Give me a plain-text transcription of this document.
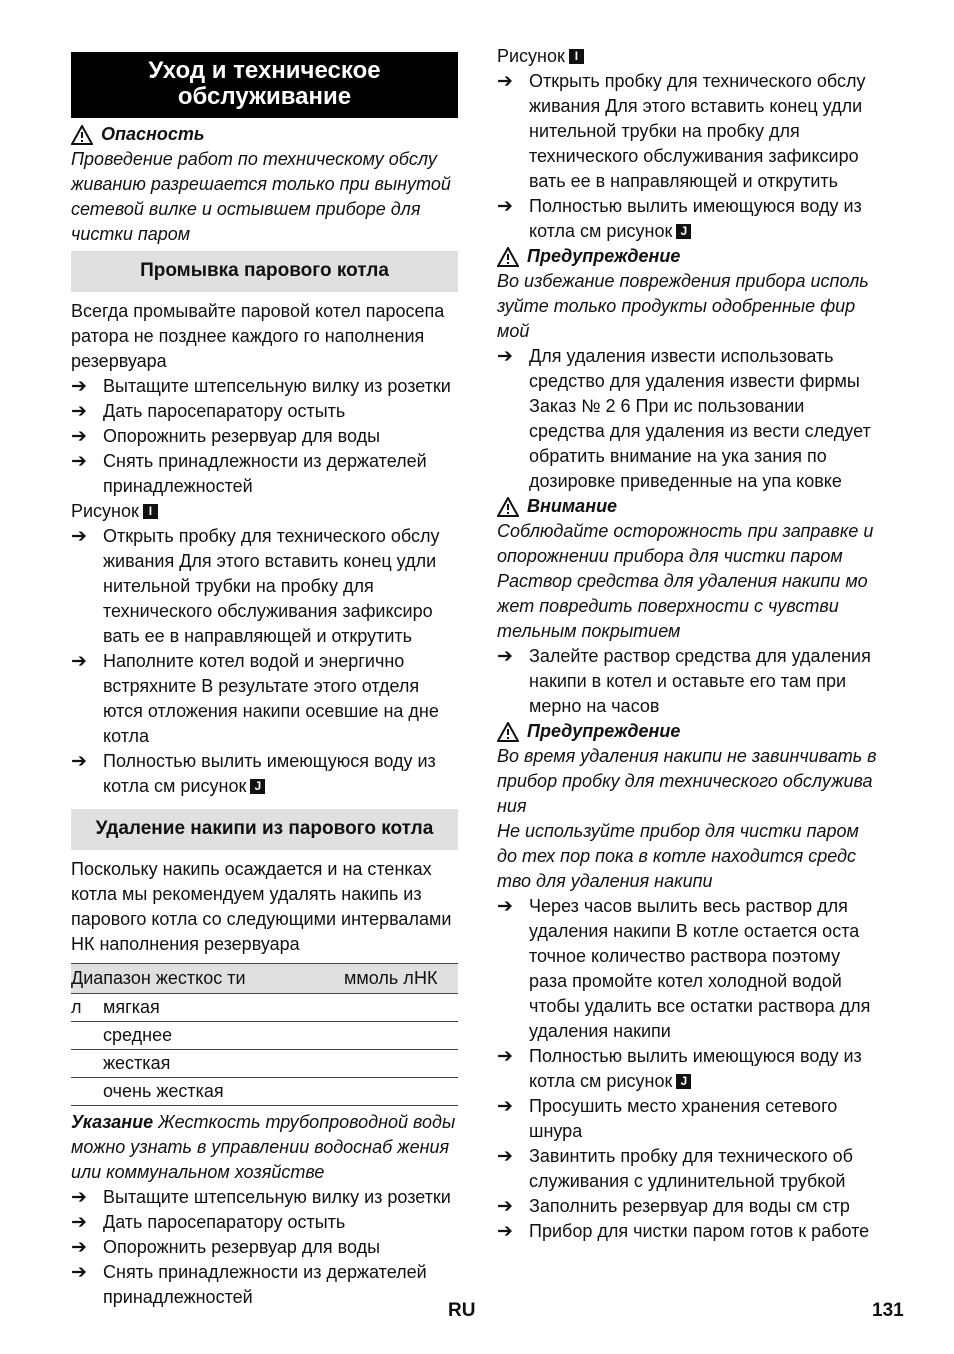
Уход и техническое обслуживание
Опасность

Проведение работ по техническому обслу живанию разрешается только при вынутой сетевой вилке и остывшем приборе для чистки паром

Промывка парового котла

Всегда промывайте паровой котел паросепа ратора не позднее каждого го наполнения резервуара

➔ Вытащите штепсельную вилку из розетки
➔ Дать паросепаратору остыть
➔ Опорожнить резервуар для воды
➔ Снять принадлежности из держателей принадлежностей

Рисунок I

➔ Открыть пробку для технического обслу живания Для этого вставить конец удли нительной трубки на пробку для технического обслуживания зафиксиро вать ее в направляющей и открутить
➔ Наполните котел водой и энергично встряхните В результате этого отделя ются отложения накипи осевшие на дне котла
➔ Полностью вылить имеющуюся воду из котла см рисунок J
Удаление накипи из парового котла

Поскольку накипь осаждается и на стенках котла мы рекомендуем удалять накипь из парового котла со следующими интервалами НК наполнения резервуара

Диапазон жесткос ти		ммоль л	НК
л	мягкая		
	среднее		
	жесткая		
	очень жесткая		

Указание Жесткость трубопроводной воды можно узнать в управлении водоснаб жения или коммунальном хозяйстве

➔ Вытащите штепсельную вилку из розетки
➔ Дать паросепаратору остыть
➔ Опорожнить резервуар для воды
➔ Снять принадлежности из держателей принадлежностей

Рисунок I

➔ Открыть пробку для технического обслу живания Для этого вставить конец удли нительной трубки на пробку для технического обслуживания зафиксиро вать ее в направляющей и открутить
➔ Полностью вылить имеющуюся воду из котла см рисунок J
Предупреждение

Во избежание повреждения прибора исполь зуйте только продукты одобренные фир мой

➔ Для удаления извести использовать средство для удаления извести фирмы Заказ № 2 6 При ис пользовании средства для удаления из вести следует обратить внимание на ука зания по дозировке приведенные на упа ковке
Внимание

Соблюдайте осторожность при заправке и опорожнении прибора для чистки паром Раствор средства для удаления накипи мо жет повредить поверхности с чувстви тельным покрытием

➔ Залейте раствор средства для удаления накипи в котел и оставьте его там при мерно на часов
Предупреждение

Во время удаления накипи не завинчивать в прибор пробку для технического обслужива ния

Не используйте прибор для чистки паром до тех пор пока в котле находится средс тво для удаления накипи

➔ Через часов вылить весь раствор для удаления накипи В котле остается оста точное количество раствора поэтому раза промойте котел холодной водой чтобы удалить все остатки раствора для удаления накипи
➔ Полностью вылить имеющуюся воду из котла см рисунок J
➔ Просушить место хранения сетевого шнура
➔ Завинтить пробку для технического об служивания с удлинительной трубкой
➔ Заполнить резервуар для воды см стр
➔ Прибор для чистки паром готов к работе
RU	131
